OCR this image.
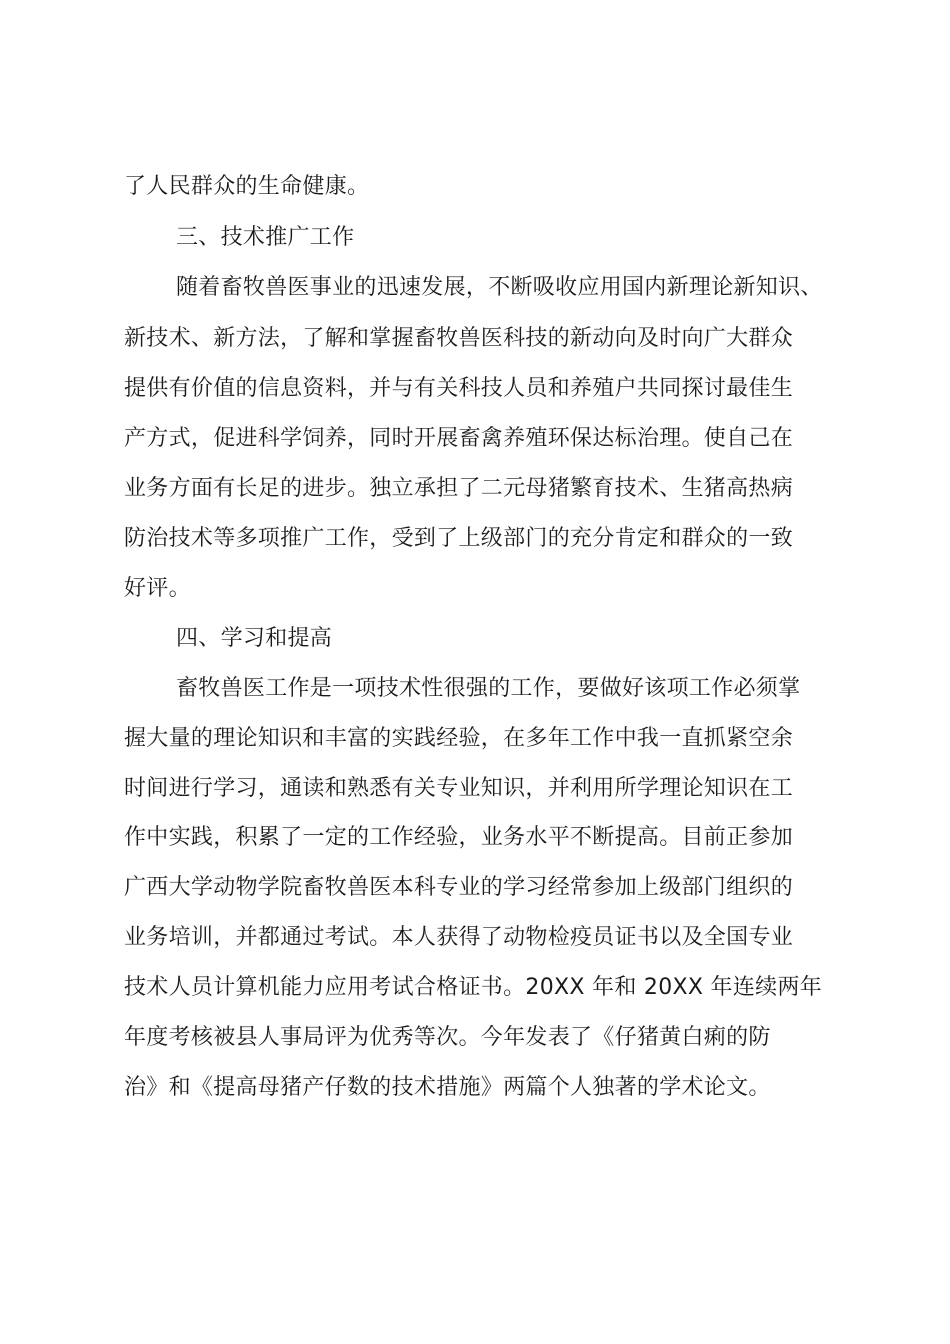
了人民群众的生命健康。
三、技术推广工作
随着畜牧兽医事业的迅速发展，不断吸收应用国内新理论新知识、
新技术、新方法，了解和掌握畜牧兽医科技的新动向及时向广大群众
提供有价值的信息资料，并与有关科技人员和养殖户共同探讨最佳生
产方式，促进科学饲养，同时开展畜禽养殖环保达标治理。使自己在
业务方面有长足的进步。独立承担了二元母猪繁育技术、生猪高热病
防治技术等多项推广工作，受到了上级部门的充分肯定和群众的一致
好评。
四、学习和提高
畜牧兽医工作是一项技术性很强的工作，要做好该项工作必须掌
握大量的理论知识和丰富的实践经验，在多年工作中我一直抓紧空余
时间进行学习，通读和熟悉有关专业知识，并利用所学理论知识在工
作中实践，积累了一定的工作经验，业务水平不断提高。目前正参加
广西大学动物学院畜牧兽医本科专业的学习经常参加上级部门组织的
业务培训，并都通过考试。本人获得了动物检疫员证书以及全国专业
技术人员计算机能力应用考试合格证书。20XX 年和 20XX 年连续两年
年度考核被县人事局评为优秀等次。今年发表了《仔猪黄白痢的防
治》和《提高母猪产仔数的技术措施》两篇个人独著的学术论文。
